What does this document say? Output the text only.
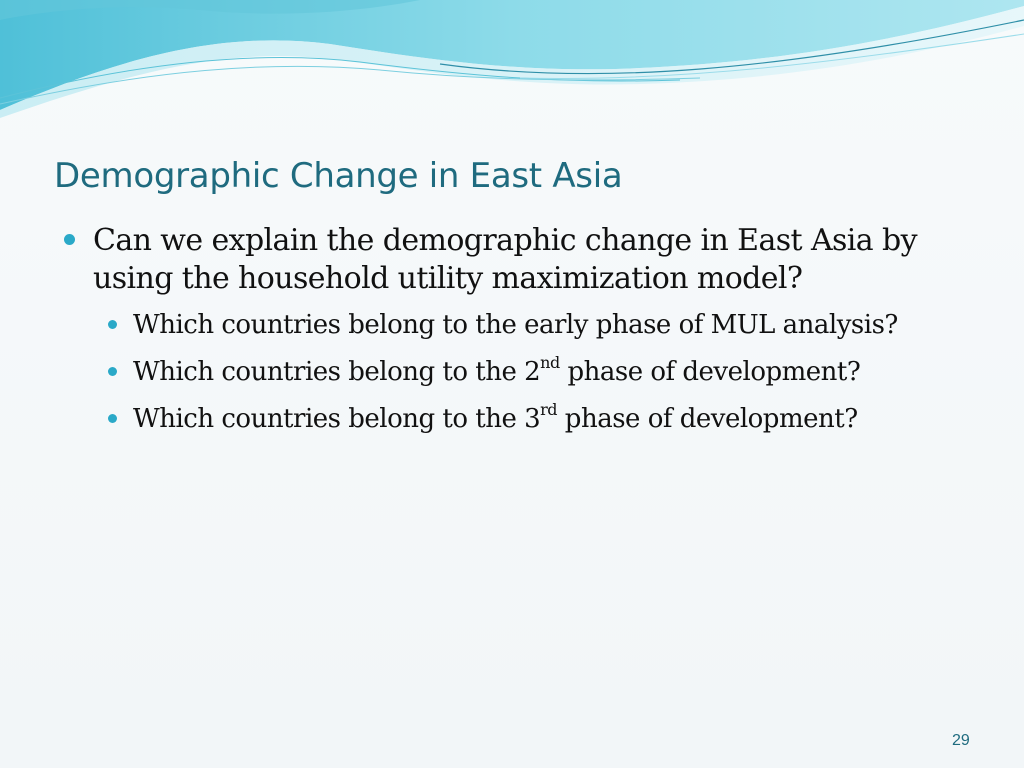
Demographic Change in East Asia
Can we explain the demographic change in East Asia by using the household utility maximization model?
Which countries belong to the early phase of MUL analysis?
Which countries belong to the 2nd phase of development?
Which countries belong to the 3rd phase of development?
29
